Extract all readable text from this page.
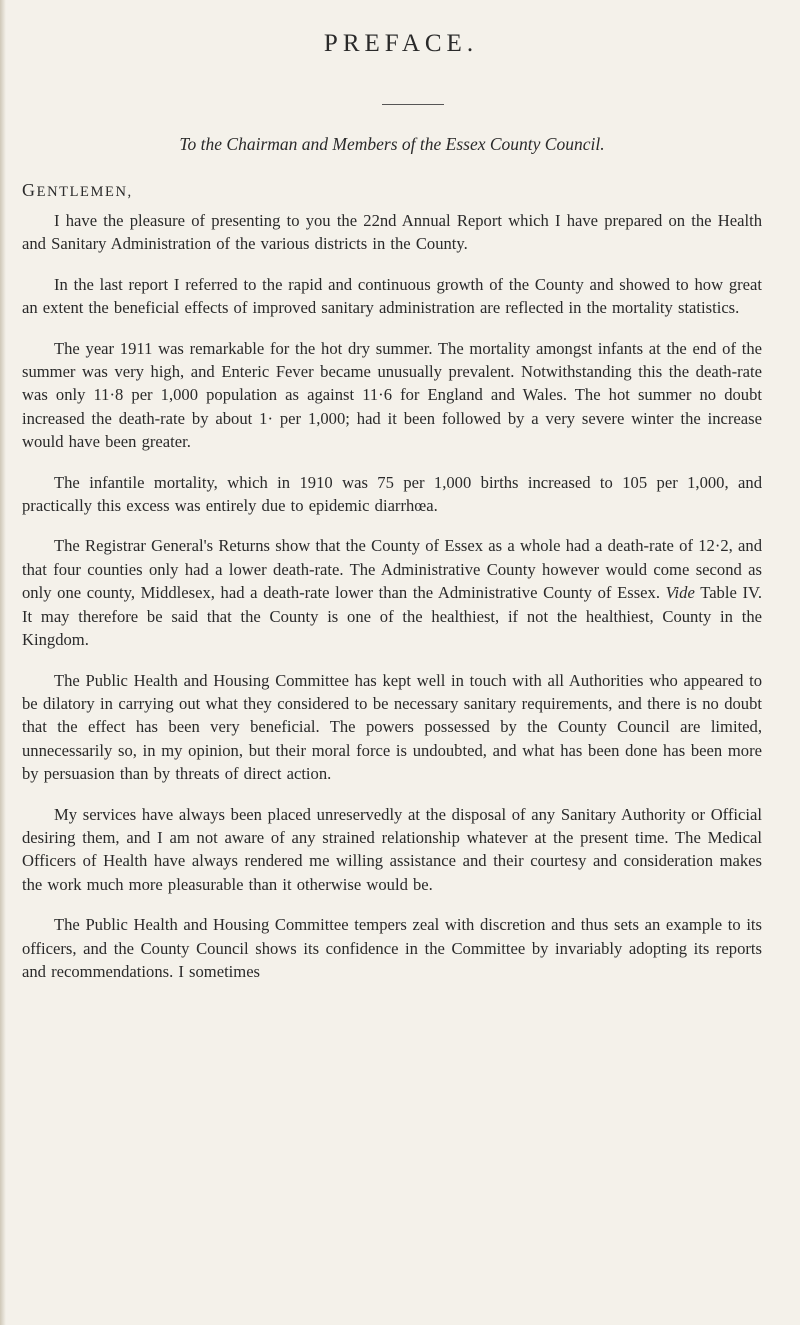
PREFACE.

To the Chairman and Members of the Essex County Council.

GENTLEMEN,

I have the pleasure of presenting to you the 22nd Annual Report which I have prepared on the Health and Sanitary Administration of the various districts in the County.

In the last report I referred to the rapid and continuous growth of the County and showed to how great an extent the beneficial effects of improved sanitary administration are reflected in the mortality statistics.

The year 1911 was remarkable for the hot dry summer. The mortality amongst infants at the end of the summer was very high, and Enteric Fever became unusually prevalent. Notwithstanding this the death-rate was only 11·8 per 1,000 population as against 11·6 for England and Wales. The hot summer no doubt increased the death-rate by about 1· per 1,000; had it been followed by a very severe winter the increase would have been greater.

The infantile mortality, which in 1910 was 75 per 1,000 births increased to 105 per 1,000, and practically this excess was entirely due to epidemic diarrhœa.

The Registrar General's Returns show that the County of Essex as a whole had a death-rate of 12·2, and that four counties only had a lower death-rate. The Administrative County however would come second as only one county, Middlesex, had a death-rate lower than the Administrative County of Essex. Vide Table IV. It may therefore be said that the County is one of the healthiest, if not the healthiest, County in the Kingdom.

The Public Health and Housing Committee has kept well in touch with all Authorities who appeared to be dilatory in carrying out what they considered to be necessary sanitary requirements, and there is no doubt that the effect has been very beneficial. The powers possessed by the County Council are limited, unnecessarily so, in my opinion, but their moral force is undoubted, and what has been done has been more by persuasion than by threats of direct action.

My services have always been placed unreservedly at the disposal of any Sanitary Authority or Official desiring them, and I am not aware of any strained relationship whatever at the present time. The Medical Officers of Health have always rendered me willing assistance and their courtesy and consideration makes the work much more pleasurable than it otherwise would be.

The Public Health and Housing Committee tempers zeal with discretion and thus sets an example to its officers, and the County Council shows its confidence in the Committee by invariably adopting its reports and recommendations. I sometimes
